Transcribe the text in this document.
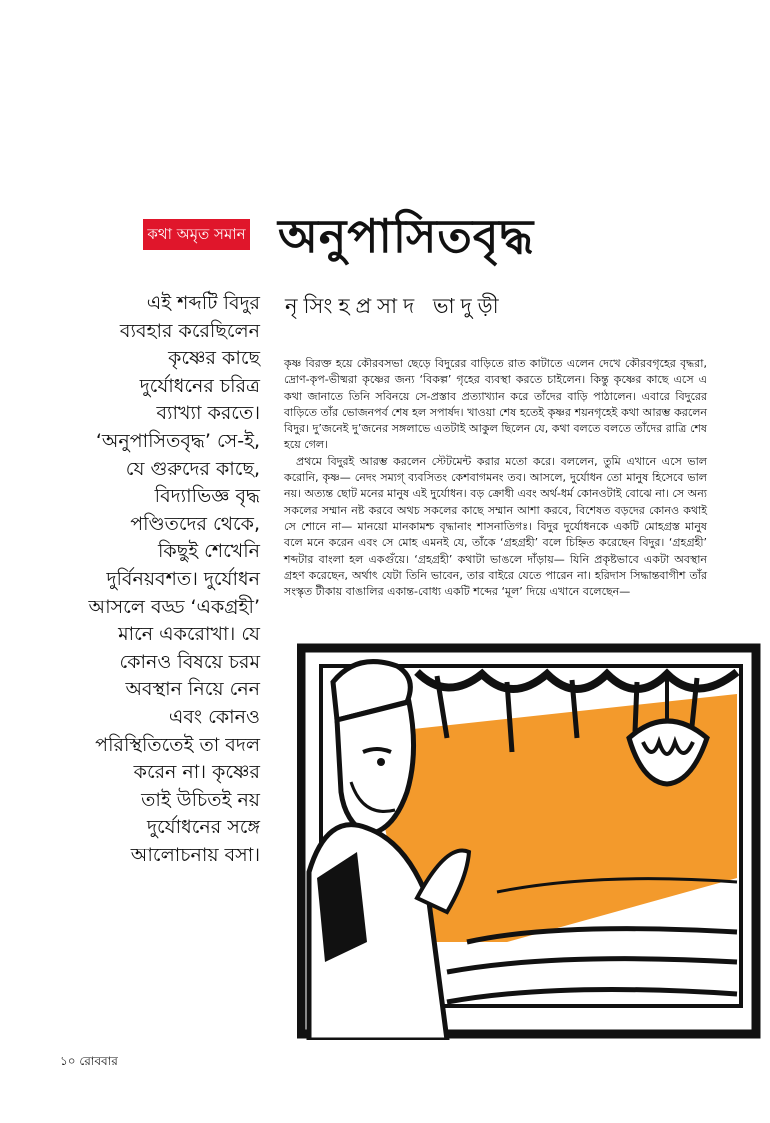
কথা অমৃত সমান অনুপাসিতবৃদ্ধ
নৃসিংহপ্রসাদ ভাদুড়ী
এই শব্দটি বিদুর
ব্যবহার করেছিলেন
কৃষ্ণের কাছে
দুর্যোধনের চরিত্র
ব্যাখ্যা করতে।
‘অনুপাসিতবৃদ্ধ’ সে-ই,
যে গুরুদের কাছে,
বিদ্যাভিজ্ঞ বৃদ্ধ
পণ্ডিতদের থেকে,
কিছুই শেখেনি
দুর্বিনয়বশত। দুর্যোধন
আসলে বড্ড ‘একগ্রহী’
মানে একরোখা। যে
কোনও বিষয়ে চরম
অবস্থান নিয়ে নেন
এবং কোনও
পরিস্থিতিতেই তা বদল
করেন না। কৃষ্ণের
তাই উচিতই নয়
দুর্যোধনের সঙ্গে
আলোচনায় বসা।

কৃষ্ণ বিরক্ত হয়ে কৌরবসভা ছেড়ে বিদুরের বাড়িতে রাত কাটাতে এলেন দেখে কৌরবগৃহের বৃদ্ধরা, দ্রোণ-কৃপ-ভীষ্মরা কৃষ্ণের জন্য ‘বিকল্প’ গৃহের ব্যবস্থা করতে চাইলেন। কিন্তু কৃষ্ণের কাছে এসে এ কথা জানাতে তিনি সবিনয়ে সে-প্রস্তাব প্রত্যাখ্যান করে তাঁদের বাড়ি পাঠালেন। এবারে বিদুরের বাড়িতে তাঁর ভোজনপর্ব শেষ হল সপার্ষদ। খাওয়া শেষ হতেই কৃষ্ণর শয়নগৃহেই কথা আরম্ভ করলেন বিদুর। দু’জনেই দু’জনের সঙ্গলাভে এতটাই আকুল ছিলেন যে, কথা বলতে বলতে তাঁদের রাত্রি শেষ হয়ে গেল।

প্রথমে বিদুরই আরম্ভ করলেন স্টেটমেন্ট করার মতো করে। বললেন, তুমি এখানে এসে ভাল করোনি, কৃষ্ণ— নেদং সম্যগ্‌ ব্যবসিতং কেশবাগমনং তব। আসলে, দুর্যোধন তো মানুষ হিসেবে ভাল নয়। অত্যন্ত ছোট মনের মানুষ এই দুর্যোধন। বড় ক্রোধী এবং অর্থ-ধর্ম কোনওটাই বোঝে না। সে অন্য সকলের সম্মান নষ্ট করবে অথচ সকলের কাছে সম্মান আশা করবে, বিশেষত বড়দের কোনও কথাই সে শোনে না— মানয়ো মানকামশ্চ বৃদ্ধানাং শাসনাতিগঃ। বিদুর দুর্যোধনকে একটি মোহগ্রস্ত মানুষ বলে মনে করেন এবং সে মোহ এমনই যে, তাঁকে ‘গ্রহগ্রহী’ বলে চিহ্নিত করেছেন বিদুর। ‘গ্রহগ্রহী’ শব্দটার বাংলা হল একগুঁয়ে। ‘গ্রহগ্রহী’ কথাটা ভাঙলে দাঁড়ায়— যিনি প্রকৃষ্টভাবে একটা অবস্থান গ্রহণ করেছেন, অর্থাৎ যেটা তিনি ভাবেন, তার বাইরে যেতে পারেন না। হরিদাস সিদ্ধান্তবাগীশ তাঁর সংস্কৃত টীকায় বাঙালির একান্ত-বোধ্য একটি শব্দের ‘মূল’ দিয়ে এখানে বলেছেন—

১০ রোববার
